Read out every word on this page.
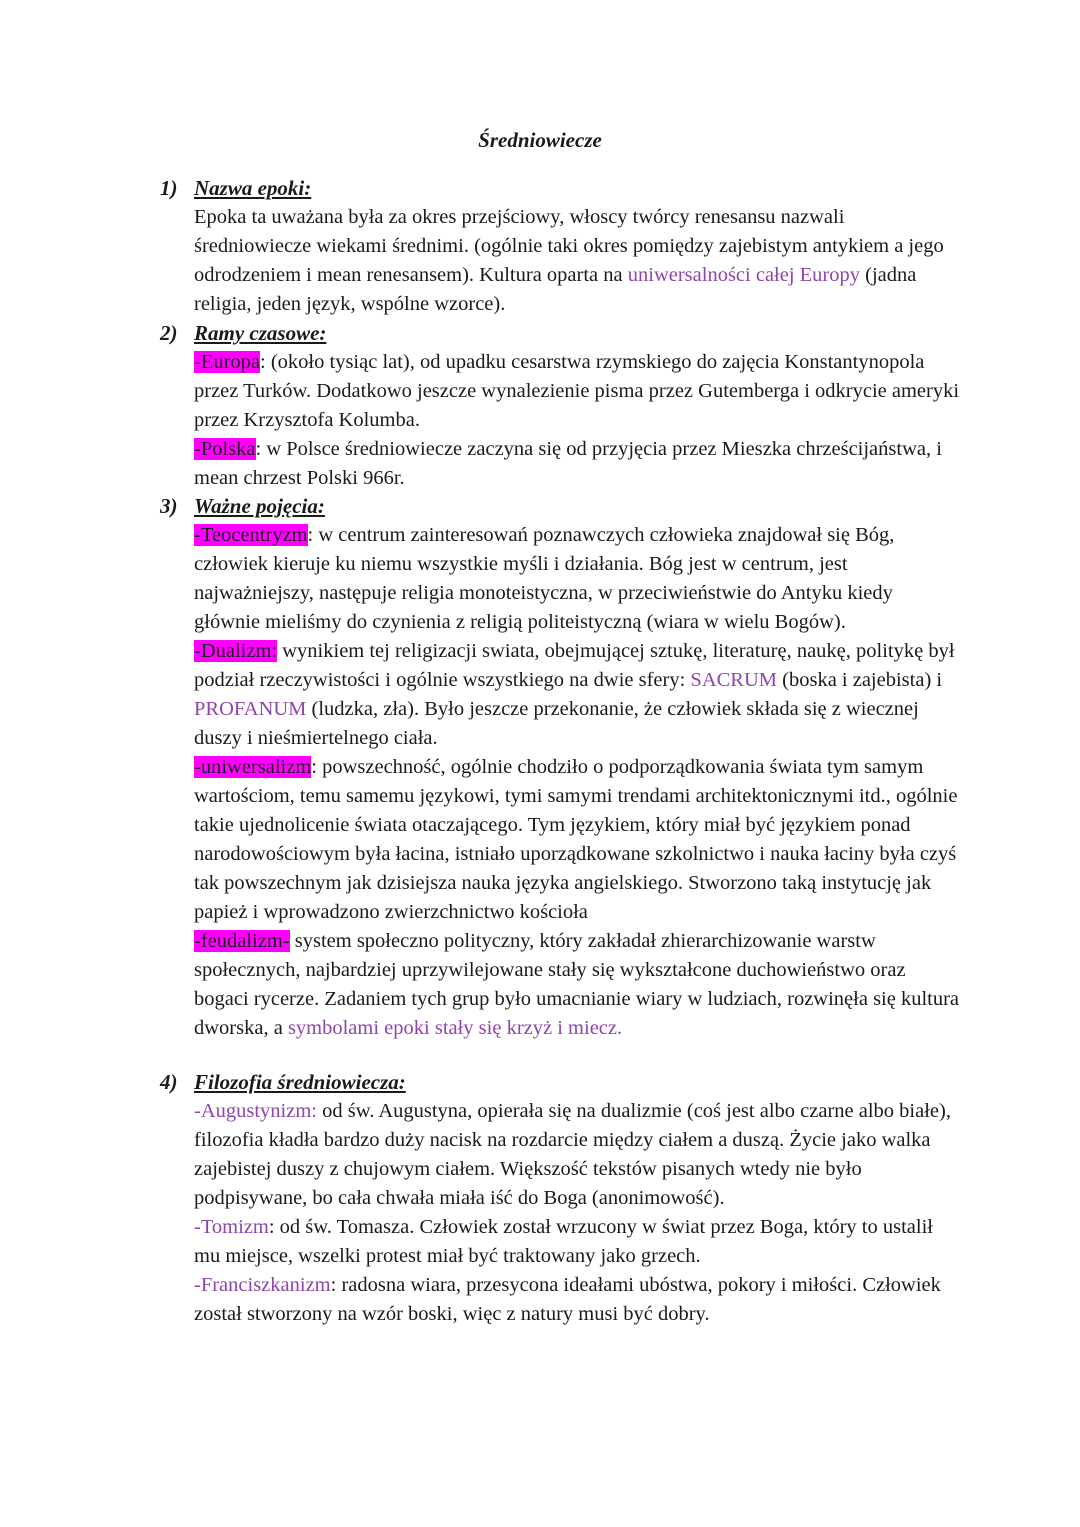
Średniowiecze
1) Nazwa epoki:

Epoka ta uważana była za okres przejściowy, włoscy twórcy renesansu nazwali średniowiecze wiekami średnimi. (ogólnie taki okres pomiędzy zajebistym antykiem a jego odrodzeniem i mean renesansem). Kultura oparta na uniwersalności całej Europy (jadna religia, jeden język, wspólne wzorce).

2) Ramy czasowe:

-Europa: (około tysiąc lat), od upadku cesarstwa rzymskiego do zajęcia Konstantynopola przez Turków. Dodatkowo jeszcze wynalezienie pisma przez Gutemberga i odkrycie ameryki przez Krzysztofa Kolumba.

-Polska: w Polsce średniowiecze zaczyna się od przyjęcia przez Mieszka chrześcijaństwa, i mean chrzest Polski 966r.

3) Ważne pojęcia:

-Teocentryzm: w centrum zainteresowań poznawczych człowieka znajdował się Bóg, człowiek kieruje ku niemu wszystkie myśli i działania. Bóg jest w centrum, jest najważniejszy, następuje religia monoteistyczna, w przeciwieństwie do Antyku kiedy głównie mieliśmy do czynienia z religią politeistyczną (wiara w wielu Bogów).

-Dualizm: wynikiem tej religizacji swiata, obejmującej sztukę, literaturę, naukę, politykę był podział rzeczywistości i ogólnie wszystkiego na dwie sfery: SACRUM (boska i zajebista) i PROFANUM (ludzka, zła). Było jeszcze przekonanie, że człowiek składa się z wiecznej duszy i nieśmiertelnego ciała.

-uniwersalizm: powszechność, ogólnie chodziło o podporządkowania świata tym samym wartościom, temu samemu językowi, tymi samymi trendami architektonicznymi itd., ogólnie takie ujednolicenie świata otaczającego. Tym językiem, który miał być językiem ponad narodowościowym była łacina, istniało uporządkowane szkolnictwo i nauka łaciny była czyś tak powszechnym jak dzisiejsza nauka języka angielskiego. Stworzono taką instytucję jak papież i wprowadzono zwierzchnictwo kościoła

-feudalizm- system społeczno polityczny, który zakładał zhierarchizowanie warstw społecznych, najbardziej uprzywilejowane stały się wykształcone duchowieństwo oraz bogaci rycerze. Zadaniem tych grup było umacnianie wiary w ludziach, rozwinęła się kultura dworska, a symbolami epoki stały się krzyż i miecz.

4) Filozofia średniowiecza:

-Augustynizm: od św. Augustyna, opierała się na dualizmie (coś jest albo czarne albo białe), filozofia kładła bardzo duży nacisk na rozdarcie między ciałem a duszą. Życie jako walka zajebistej duszy z chujowym ciałem. Większość tekstów pisanych wtedy nie było podpisywane, bo cała chwała miała iść do Boga (anonimowość).

-Tomizm: od św. Tomasza. Człowiek został wrzucony w świat przez Boga, który to ustalił mu miejsce, wszelki protest miał być traktowany jako grzech.

-Franciszkanizm: radosna wiara, przesycona ideałami ubóstwa, pokory i miłości. Człowiek został stworzony na wzór boski, więc z natury musi być dobry.
